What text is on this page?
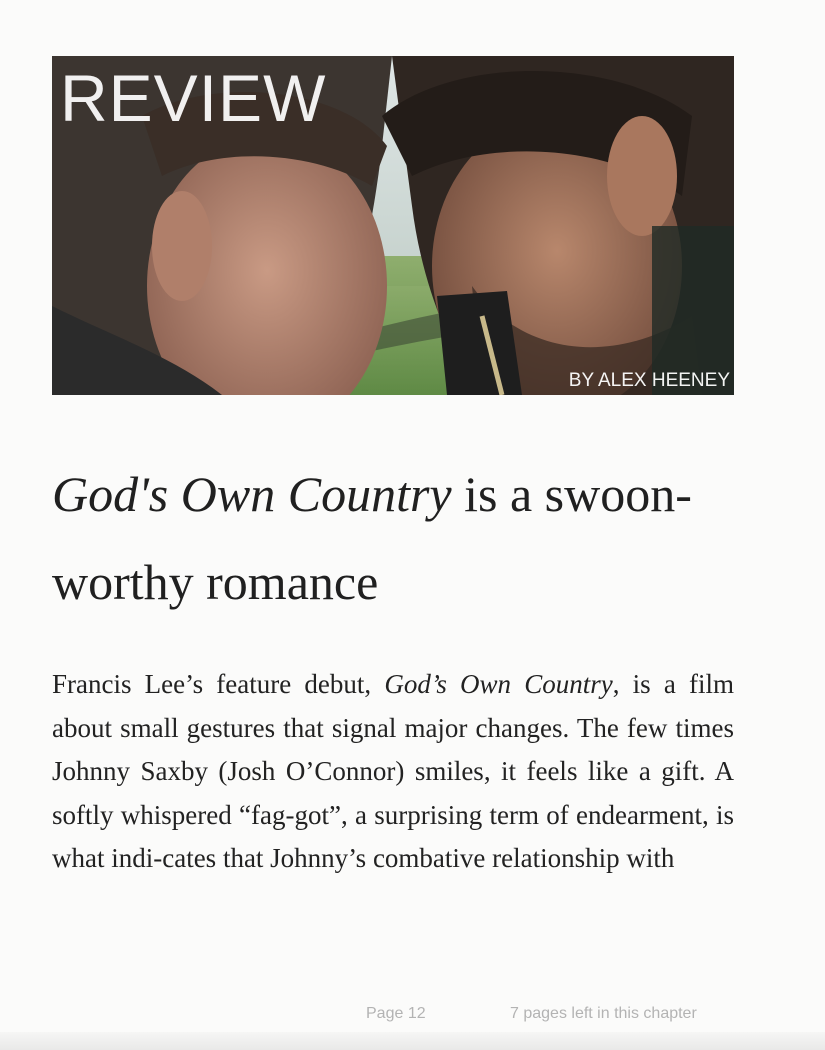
REVIEW
BY ALEX HEENEY
God's Own Country is a swoon-worthy romance

Francis Lee’s feature debut, God’s Own Country, is a film about small gestures that signal major changes. The few times Johnny Saxby (Josh O’Connor) smiles, it feels like a gift. A softly whispered “fag-got”, a surprising term of endearment, is what indi-cates that Johnny’s combative relationship with

Page 12	7 pages left in this chapter
